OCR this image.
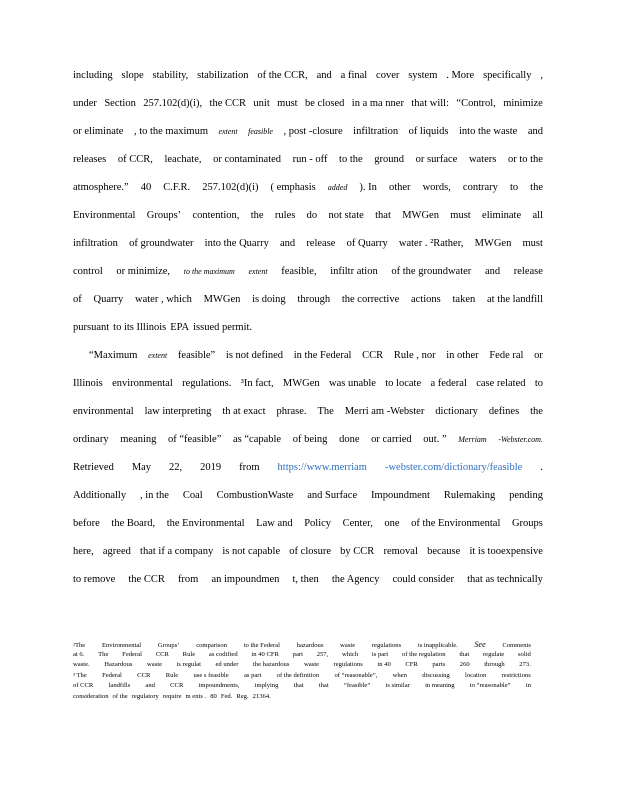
including slope stability, stabilization of the CCR, and a final cover system . More specifically ,
under Section 257.102(d)(i), the CCR unit must be closed in a ma nner that will: “Control, minimize
or eliminate , to the maximum extent feasible , post -closure infiltration of liquids into the waste and
releases of CCR, leachate, or contaminated run - off to the ground or surface waters or to the
atmosphere.” 40 C.F.R. 257.102(d)(i) ( emphasis added ). In other words, contrary to the
Environmental Groups’ contention, the rules do not state that MWGen must eliminate all
infiltration of groundwater into the Quarry and release of Quarry water . ²Rather, MWGen must
control or minimize, to the maximum extent feasible, infiltr ation of the groundwater and release
of Quarry water , which MWGen is doing through the corrective actions taken at the landfill
pursuant to its Illinois EPA issued permit.
“Maximum extent feasible” is not defined in the Federal CCR Rule , nor in other Fede ral or
Illinois environmental regulations. ³In fact, MWGen was unable to locate a federal case related to
environmental law interpreting th at exact phrase. The Merri am -Webster dictionary defines the
ordinary meaning of “feasible” as “capable of being done or carried out. ” Merriam -Webster.com.
Retrieved May 22, 2019 from https://www.merriam -webster.com/dictionary/feasible .
Additionally , in the Coal CombustionWaste and Surface Impoundment Rulemaking pending
before the Board, the Environmental Law and Policy Center, one of the Environmental Groups
here, agreed that if a company is not capable of closure by CCR removal because it is tooexpensive
to remove the CCR from an impoundmen t, then the Agency could consider that as technically
²The	Environmental	Groups’	comparison	to the Federal	hazardous	waste	regulations	is inapplicable. See	Comments
at 6. The Federal CCR Rule as codified in 40 CFR part 257, which is part of the regulation that regulate solid
waste. Hazardous waste is regulat ed under the hazardous waste regulations in 40 CFR parts 260 through 273.
³ The Federal CCR Rule use s feasible as part of the definition of “reasonable”, when discussing location restrictions
of CCR landfills and CCR impoundments, implying that that “feasible” is similar in meaning to “reasonable” in
consideration of the regulatory require m ents . 80 Fed. Reg. 21364.
